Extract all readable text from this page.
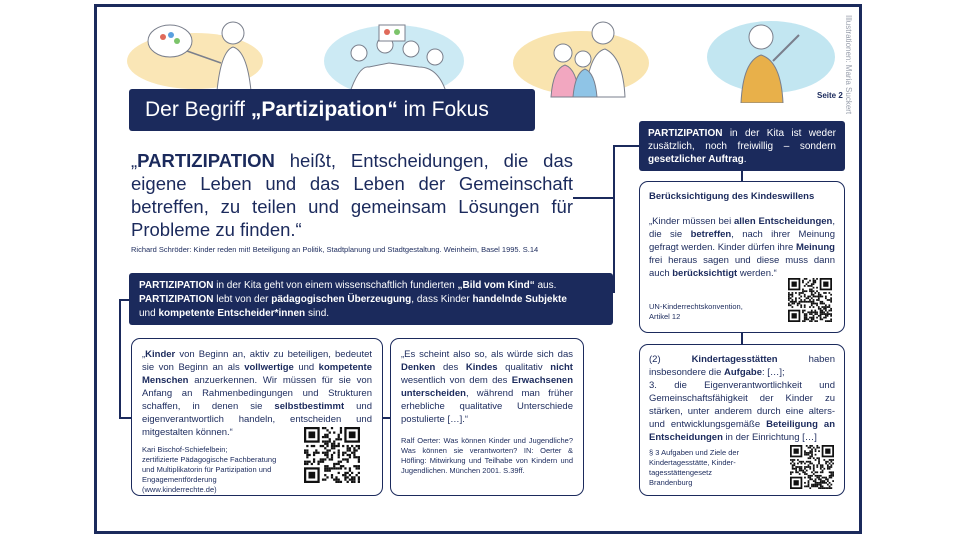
Illustrationen: Maria Suckert
Seite 2
Der Begriff „Partizipation“ im Fokus
„PARTIZIPATION heißt, Entscheidungen, die das eigene Leben und das Leben der Gemeinschaft betreffen, zu teilen und gemeinsam Lösungen für Probleme zu finden.“
Richard Schröder: Kinder reden mit! Beteiligung an Politik, Stadtplanung und Stadtgestaltung. Weinheim, Basel 1995. S.14
PARTIZIPATION in der Kita geht von einem wissenschaftlich fundierten „Bild vom Kind“ aus.
PARTIZIPATION lebt von der pädagogischen Überzeugung, dass Kinder handelnde Subjekte
und kompetente Entscheider*innen sind.
PARTIZIPATION in der Kita ist weder zusätzlich, noch freiwillig – sondern gesetzlicher Auftrag.

„Kinder von Beginn an, aktiv zu beteiligen, bedeutet sie von Beginn an als vollwertige und kompetente Menschen anzuerkennen. Wir müssen für sie von Anfang an Rahmenbedingungen und Strukturen schaffen, in denen sie selbstbestimmt und eigenverantwortlich handeln, entscheiden und mitgestalten können.“

Kari Bischof-Schiefelbein;
zertifizierte Pädagogische Fachberatung
und Multiplikatorin für Partizipation und
Engagementförderung
(www.kinderrechte.de)

„Es scheint also so, als würde sich das Denken des Kindes qualitativ nicht wesentlich von dem des Erwachsenen unterscheiden, während man früher erhebliche qualitative Unterschiede postulierte […].“

Ralf Oerter: Was können Kinder und Jugendliche? Was können sie verantworten? IN: Oerter & Höfling: Mitwirkung und Teilhabe von Kindern und Jugendlichen. München 2001. S.39ff.
Berücksichtigung des Kindeswillens

„Kinder müssen bei allen Entscheidungen, die sie betreffen, nach ihrer Meinung gefragt werden. Kinder dürfen ihre Meinung frei heraus sagen und diese muss dann auch berücksichtigt werden.“

UN-Kinderrechtskonvention,
Artikel 12

(2) Kindertagesstätten haben insbesondere die Aufgabe: […];

3. die Eigenverantwortlichkeit und Gemeinschaftsfähigkeit der Kinder zu stärken, unter anderem durch eine alters- und entwicklungsgemäße Beteiligung an Entscheidungen in der Einrichtung […]

§ 3 Aufgaben und Ziele der
Kindertagesstätte, Kinder-
tagesstättengesetz
Brandenburg
